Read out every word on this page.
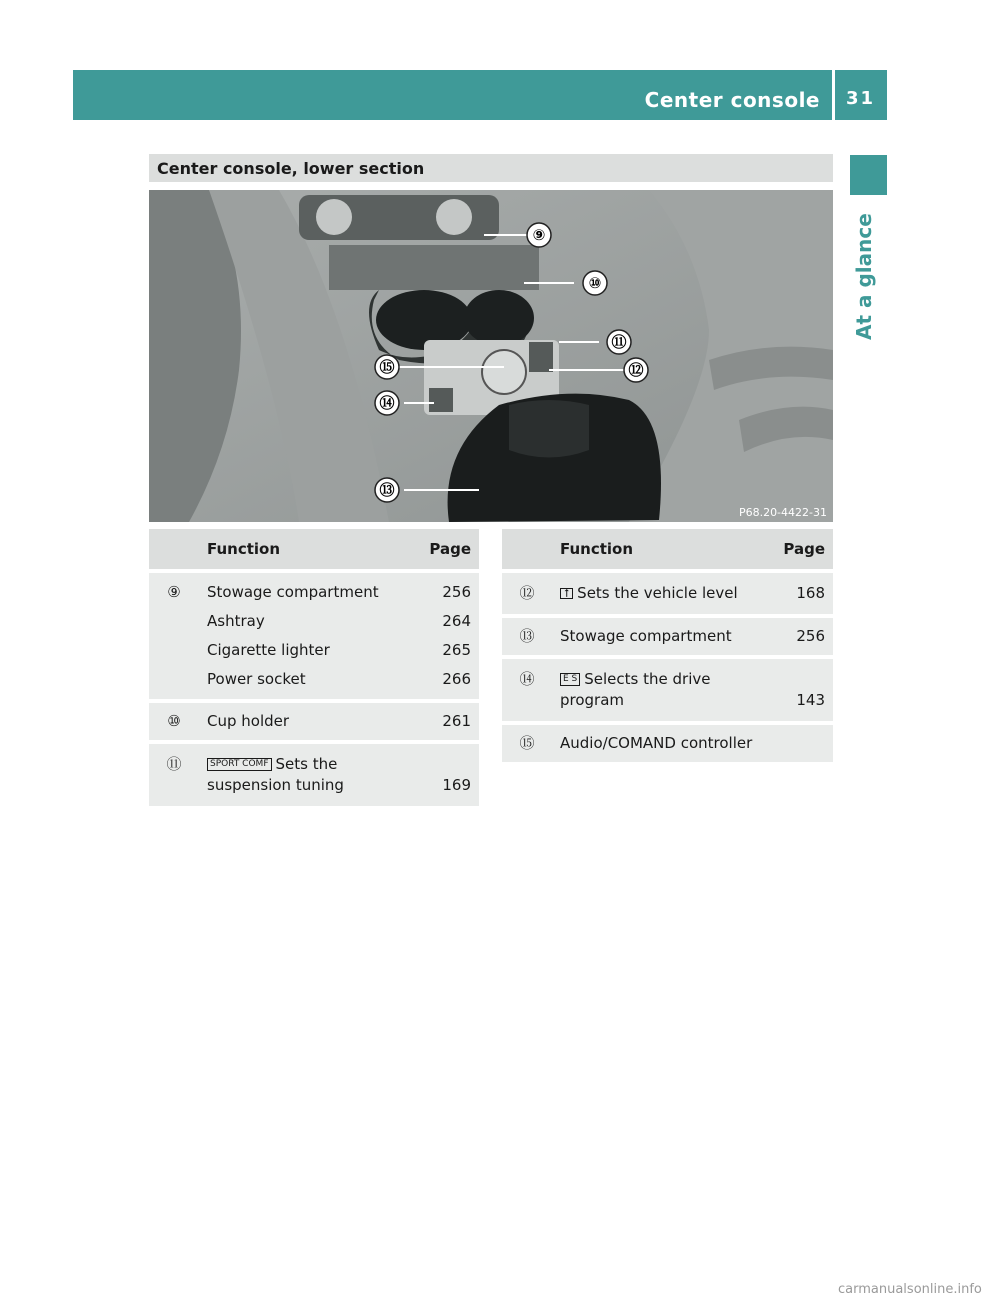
Center console 31
At a glance
Center console, lower section
⑨
⑩
⑪
⑫
⑮
⑭
⑬
P68.20-4422-31
	Function	Page
⑨	Stowage compartment	256
	Ashtray	264
	Cigarette lighter	265
	Power socket	266
⑩	Cup holder	261
⑪	SPORT COMF Sets the suspension tuning	169
	Function	Page
⑫	⭡ Sets the vehicle level	168
⑬	Stowage compartment	256
⑭	E S Selects the drive program	143
⑮	Audio/COMAND controller	
carmanualsonline.info
